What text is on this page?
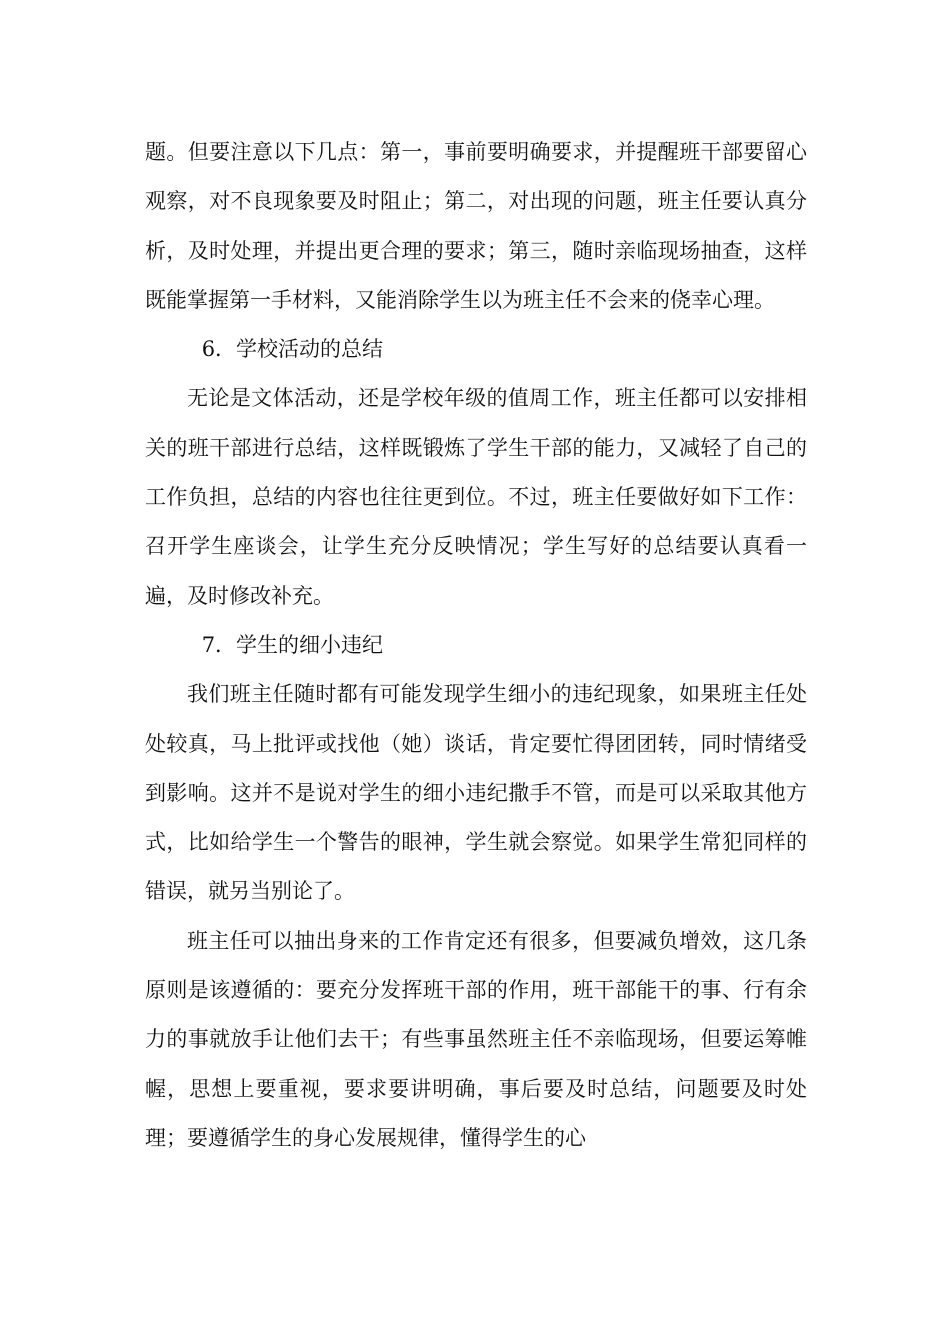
题。但要注意以下几点：第一，事前要明确要求，并提醒班干部要留心观察，对不良现象要及时阻止；第二，对出现的问题，班主任要认真分析，及时处理，并提出更合理的要求；第三，随时亲临现场抽查，这样既能掌握第一手材料，又能消除学生以为班主任不会来的侥幸心理。

6．学校活动的总结

无论是文体活动，还是学校年级的值周工作，班主任都可以安排相关的班干部进行总结，这样既锻炼了学生干部的能力，又减轻了自己的工作负担，总结的内容也往往更到位。不过，班主任要做好如下工作：召开学生座谈会，让学生充分反映情况；学生写好的总结要认真看一遍，及时修改补充。

7．学生的细小违纪

我们班主任随时都有可能发现学生细小的违纪现象，如果班主任处处较真，马上批评或找他（她）谈话，肯定要忙得团团转，同时情绪受到影响。这并不是说对学生的细小违纪撒手不管，而是可以采取其他方式，比如给学生一个警告的眼神，学生就会察觉。如果学生常犯同样的错误，就另当别论了。

班主任可以抽出身来的工作肯定还有很多，但要减负增效，这几条原则是该遵循的：要充分发挥班干部的作用，班干部能干的事、行有余力的事就放手让他们去干；有些事虽然班主任不亲临现场，但要运筹帷幄，思想上要重视，要求要讲明确，事后要及时总结，问题要及时处理；要遵循学生的身心发展规律，懂得学生的心
